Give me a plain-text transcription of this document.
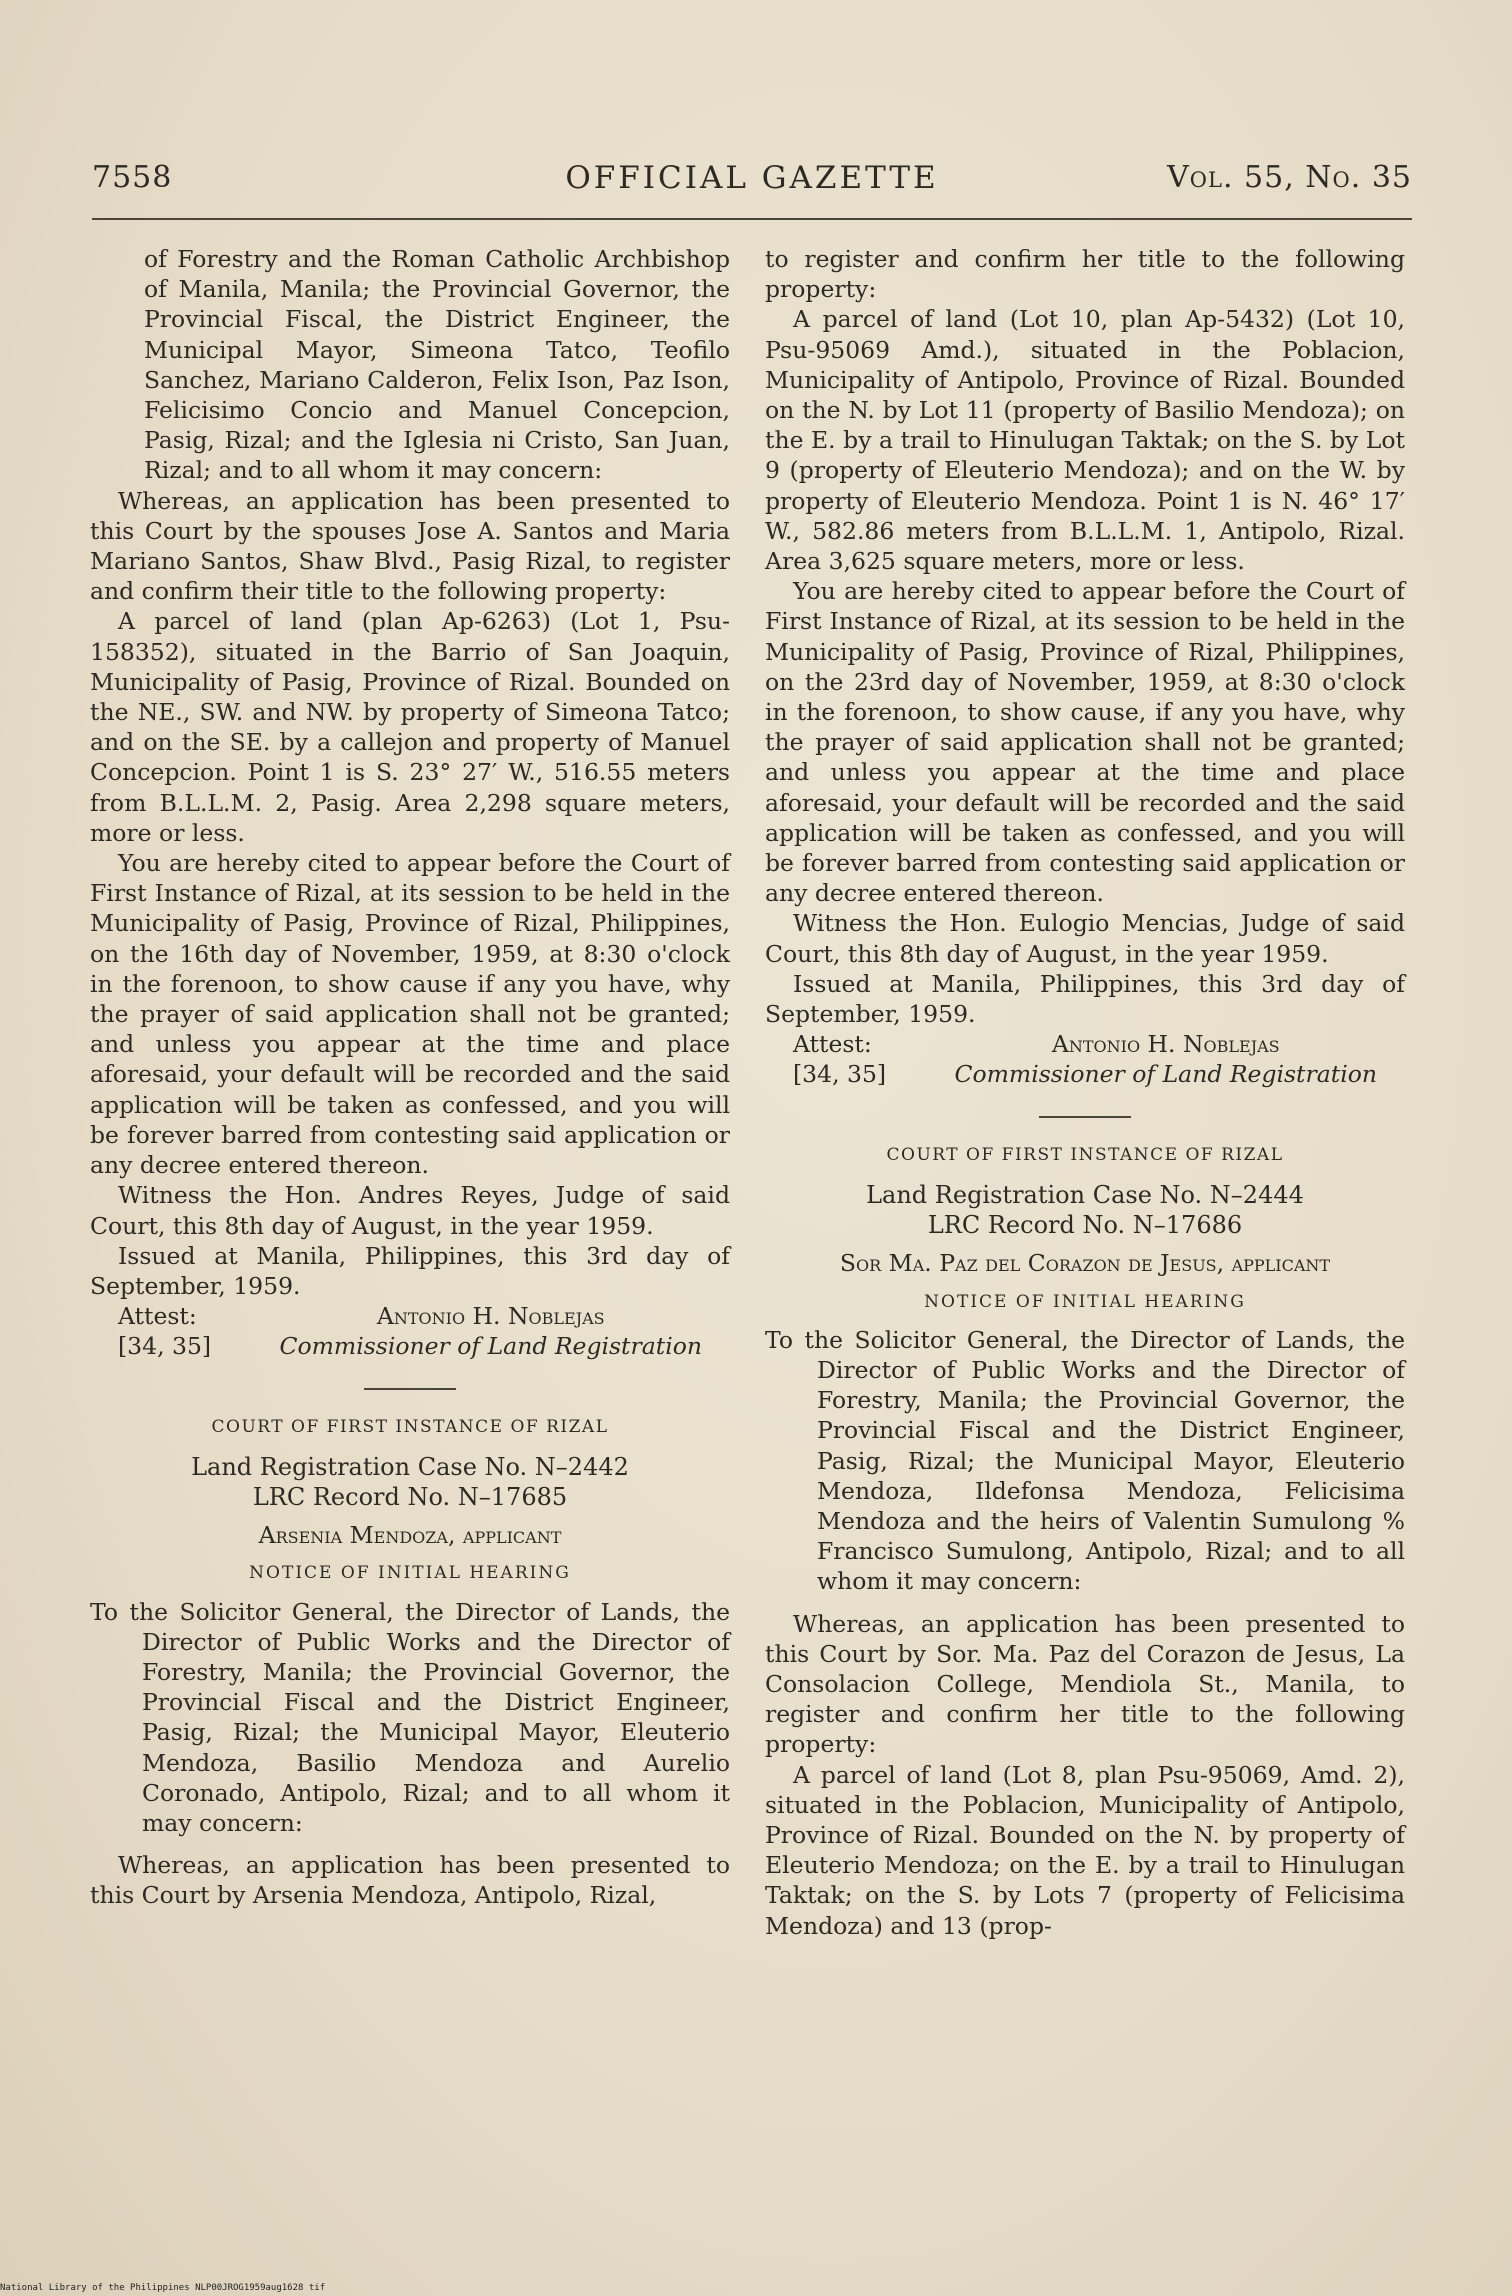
7558	OFFICIAL GAZETTE	Vol. 55, No. 35

of Forestry and the Roman Catholic Archbishop of Manila, Manila; the Provincial Governor, the Provincial Fiscal, the District Engineer, the Municipal Mayor, Simeona Tatco, Teofilo Sanchez, Mariano Calderon, Felix Ison, Paz Ison, Felicisimo Concio and Manuel Concepcion, Pasig, Rizal; and the Iglesia ni Cristo, San Juan, Rizal; and to all whom it may concern:

Whereas, an application has been presented to this Court by the spouses Jose A. Santos and Maria Mariano Santos, Shaw Blvd., Pasig Rizal, to register and confirm their title to the following property:

A parcel of land (plan Ap-6263) (Lot 1, Psu-158352), situated in the Barrio of San Joaquin, Municipality of Pasig, Province of Rizal. Bounded on the NE., SW. and NW. by property of Simeona Tatco; and on the SE. by a callejon and property of Manuel Concepcion. Point 1 is S. 23° 27′ W., 516.55 meters from B.L.L.M. 2, Pasig. Area 2,298 square meters, more or less.

You are hereby cited to appear before the Court of First Instance of Rizal, at its session to be held in the Municipality of Pasig, Province of Rizal, Philippines, on the 16th day of November, 1959, at 8:30 o'clock in the forenoon, to show cause if any you have, why the prayer of said application shall not be granted; and unless you appear at the time and place aforesaid, your default will be recorded and the said application will be taken as confessed, and you will be forever barred from contesting said application or any decree entered thereon.

Witness the Hon. Andres Reyes, Judge of said Court, this 8th day of August, in the year 1959.

Issued at Manila, Philippines, this 3rd day of September, 1959.

Attest:
[34, 35]
Antonio H. Noblejas
Commissioner of Land Registration

COURT OF FIRST INSTANCE OF RIZAL

Land Registration Case No. N–2442

LRC Record No. N–17685

Arsenia Mendoza, applicant

NOTICE OF INITIAL HEARING

To the Solicitor General, the Director of Lands, the Director of Public Works and the Director of Forestry, Manila; the Provincial Governor, the Provincial Fiscal and the District Engineer, Pasig, Rizal; the Municipal Mayor, Eleuterio Mendoza, Basilio Mendoza and Aurelio Coronado, Antipolo, Rizal; and to all whom it may concern:

Whereas, an application has been presented to this Court by Arsenia Mendoza, Antipolo, Rizal,

to register and confirm her title to the following property:

A parcel of land (Lot 10, plan Ap-5432) (Lot 10, Psu-95069 Amd.), situated in the Poblacion, Municipality of Antipolo, Province of Rizal. Bounded on the N. by Lot 11 (property of Basilio Mendoza); on the E. by a trail to Hinulugan Taktak; on the S. by Lot 9 (property of Eleuterio Mendoza); and on the W. by property of Eleuterio Mendoza. Point 1 is N. 46° 17′ W., 582.86 meters from B.L.L.M. 1, Antipolo, Rizal. Area 3,625 square meters, more or less.

You are hereby cited to appear before the Court of First Instance of Rizal, at its session to be held in the Municipality of Pasig, Province of Rizal, Philippines, on the 23rd day of November, 1959, at 8:30 o'clock in the forenoon, to show cause, if any you have, why the prayer of said application shall not be granted; and unless you appear at the time and place aforesaid, your default will be recorded and the said application will be taken as confessed, and you will be forever barred from contesting said application or any decree entered thereon.

Witness the Hon. Eulogio Mencias, Judge of said Court, this 8th day of August, in the year 1959.

Issued at Manila, Philippines, this 3rd day of September, 1959.

Attest:
[34, 35]
Antonio H. Noblejas
Commissioner of Land Registration

COURT OF FIRST INSTANCE OF RIZAL

Land Registration Case No. N–2444

LRC Record No. N–17686

Sor Ma. Paz del Corazon de Jesus, applicant

NOTICE OF INITIAL HEARING

To the Solicitor General, the Director of Lands, the Director of Public Works and the Director of Forestry, Manila; the Provincial Governor, the Provincial Fiscal and the District Engineer, Pasig, Rizal; the Municipal Mayor, Eleuterio Mendoza, Ildefonsa Mendoza, Felicisima Mendoza and the heirs of Valentin Sumulong % Francisco Sumulong, Antipolo, Rizal; and to all whom it may concern:

Whereas, an application has been presented to this Court by Sor. Ma. Paz del Corazon de Jesus, La Consolacion College, Mendiola St., Manila, to register and confirm her title to the following property:

A parcel of land (Lot 8, plan Psu-95069, Amd. 2), situated in the Poblacion, Municipality of Antipolo, Province of Rizal. Bounded on the N. by property of Eleuterio Mendoza; on the E. by a trail to Hinulugan Taktak; on the S. by Lots 7 (property of Felicisima Mendoza) and 13 (prop-

National Library of the Philippines NLP00JROG1959aug1628 tif
